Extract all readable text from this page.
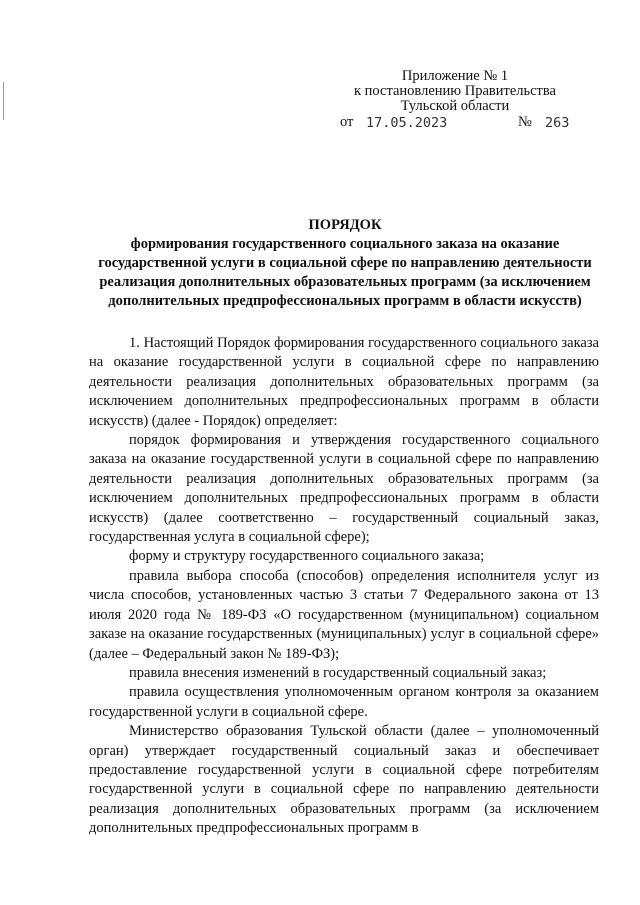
Приложение № 1
к постановлению Правительства
Тульской области
от 17.05.2023	№ 263
ПОРЯДОК
формирования государственного социального заказа на оказание государственной услуги в социальной сфере по направлению деятельности реализация дополнительных образовательных программ (за исключением дополнительных предпрофессиональных программ в области искусств)

1. Настоящий Порядок формирования государственного социального заказа на оказание государственной услуги в социальной сфере по направлению деятельности реализация дополнительных образовательных программ (за исключением дополнительных предпрофессиональных программ в области искусств) (далее - Порядок) определяет:

порядок формирования и утверждения государственного социального заказа на оказание государственной услуги в социальной сфере по направлению деятельности реализация дополнительных образовательных программ (за исключением дополнительных предпрофессиональных программ в области искусств) (далее соответственно – государственный социальный заказ, государственная услуга в социальной сфере);

форму и структуру государственного социального заказа;

правила выбора способа (способов) определения исполнителя услуг из числа способов, установленных частью 3 статьи 7 Федерального закона от 13 июля 2020 года № 189-ФЗ «О государственном (муниципальном) социальном заказе на оказание государственных (муниципальных) услуг в социальной сфере» (далее – Федеральный закон № 189-ФЗ);

правила внесения изменений в государственный социальный заказ;

правила осуществления уполномоченным органом контроля за оказанием государственной услуги в социальной сфере.

Министерство образования Тульской области (далее – уполномоченный орган) утверждает государственный социальный заказ и обеспечивает предоставление государственной услуги в социальной сфере потребителям государственной услуги в социальной сфере по направлению деятельности реализация дополнительных образовательных программ (за исключением дополнительных предпрофессиональных программ в
